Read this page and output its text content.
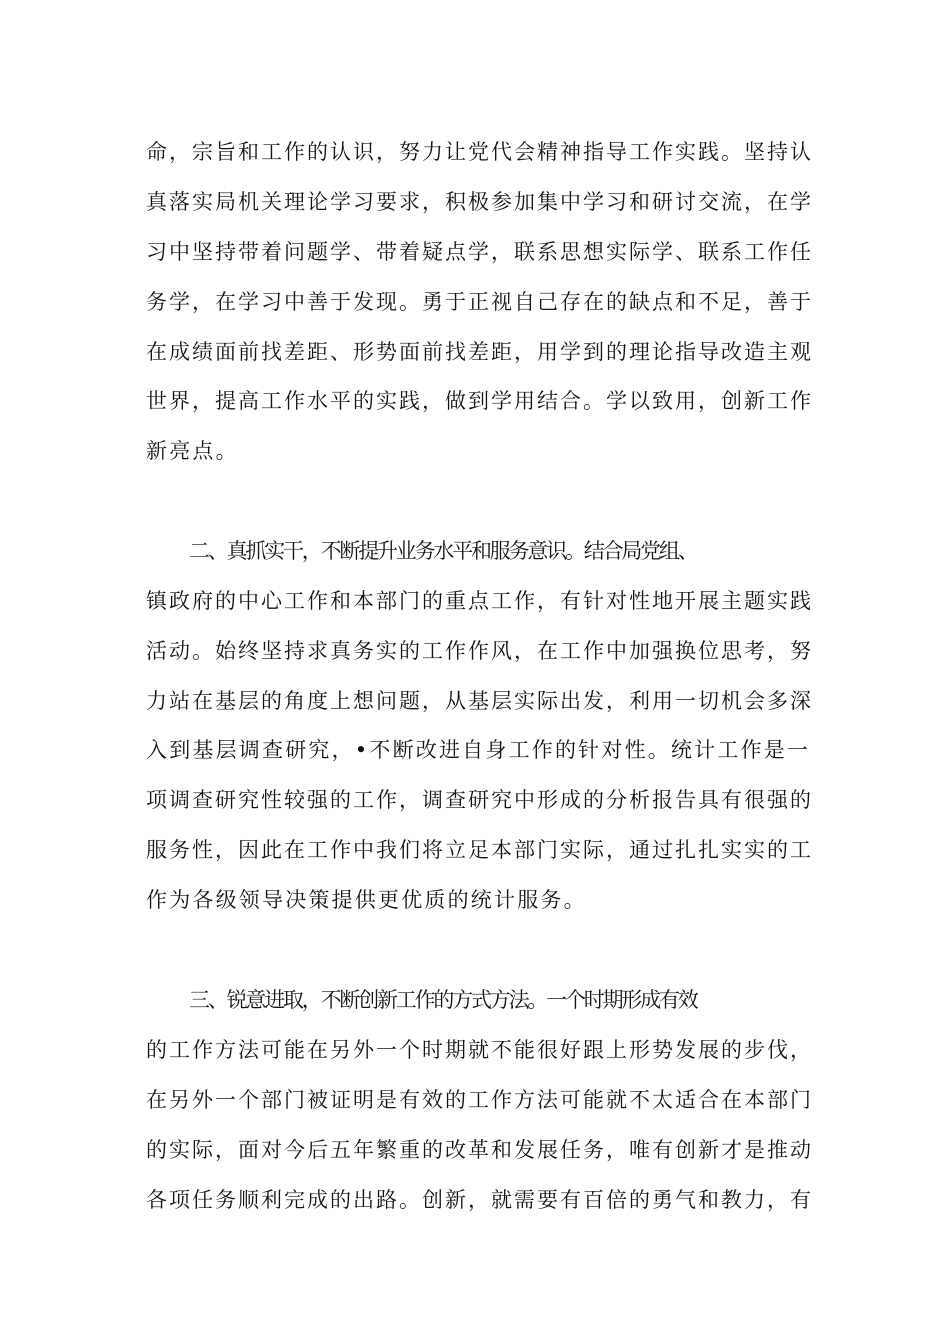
命，宗旨和工作的认识，努力让党代会精神指导工作实践。坚持认
真落实局机关理论学习要求，积极参加集中学习和研讨交流，在学
习中坚持带着问题学、带着疑点学，联系思想实际学、联系工作任
务学，在学习中善于发现。勇于正视自己存在的缺点和不足，善于
在成绩面前找差距、形势面前找差距，用学到的理论指导改造主观
世界，提高工作水平的实践，做到学用结合。学以致用，创新工作
新亮点。
二、真抓实干，不断提升业务水平和服务意识。结合局党组、
镇政府的中心工作和本部门的重点工作，有针对性地开展主题实践
活动。始终坚持求真务实的工作作风，在工作中加强换位思考，努
力站在基层的角度上想问题，从基层实际出发，利用一切机会多深
入到基层调查研究，•不断改进自身工作的针对性。统计工作是一
项调查研究性较强的工作，调查研究中形成的分析报告具有很强的
服务性，因此在工作中我们将立足本部门实际，通过扎扎实实的工
作为各级领导决策提供更优质的统计服务。
三、锐意进取，不断创新工作的方式方法。一个时期形成有效
的工作方法可能在另外一个时期就不能很好跟上形势发展的步伐，
在另外一个部门被证明是有效的工作方法可能就不太适合在本部门
的实际，面对今后五年繁重的改革和发展任务，唯有创新才是推动
各项任务顺利完成的出路。创新，就需要有百倍的勇气和教力，有
